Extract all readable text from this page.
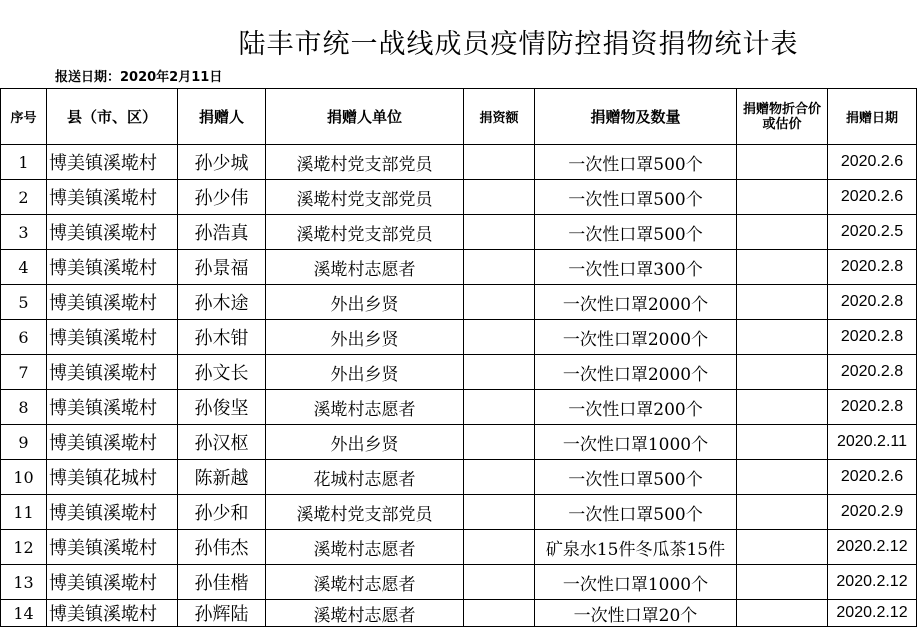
陆丰市统一战线成员疫情防控捐资捐物统计表
报送日期：2020年2月11日
序号	县（市、区）	捐赠人	捐赠人单位	捐资额	捐赠物及数量	捐赠物折合价或估价	捐赠日期
1	博美镇溪墘村	孙少城	溪墘村党支部党员		一次性口罩500个		2020.2.6
2	博美镇溪墘村	孙少伟	溪墘村党支部党员		一次性口罩500个		2020.2.6
3	博美镇溪墘村	孙浩真	溪墘村党支部党员		一次性口罩500个		2020.2.5
4	博美镇溪墘村	孙景福	溪墘村志愿者		一次性口罩300个		2020.2.8
5	博美镇溪墘村	孙木途	外出乡贤		一次性口罩2000个		2020.2.8
6	博美镇溪墘村	孙木钳	外出乡贤		一次性口罩2000个		2020.2.8
7	博美镇溪墘村	孙文长	外出乡贤		一次性口罩2000个		2020.2.8
8	博美镇溪墘村	孙俊坚	溪墘村志愿者		一次性口罩200个		2020.2.8
9	博美镇溪墘村	孙汉枢	外出乡贤		一次性口罩1000个		2020.2.11
10	博美镇花城村	陈新越	花城村志愿者		一次性口罩500个		2020.2.6
11	博美镇溪墘村	孙少和	溪墘村党支部党员		一次性口罩500个		2020.2.9
12	博美镇溪墘村	孙伟杰	溪墘村志愿者		矿泉水15件冬瓜茶15件		2020.2.12
13	博美镇溪墘村	孙佳楷	溪墘村志愿者		一次性口罩1000个		2020.2.12
14	博美镇溪墘村	孙辉陆	溪墘村志愿者		一次性口罩20个		2020.2.12
